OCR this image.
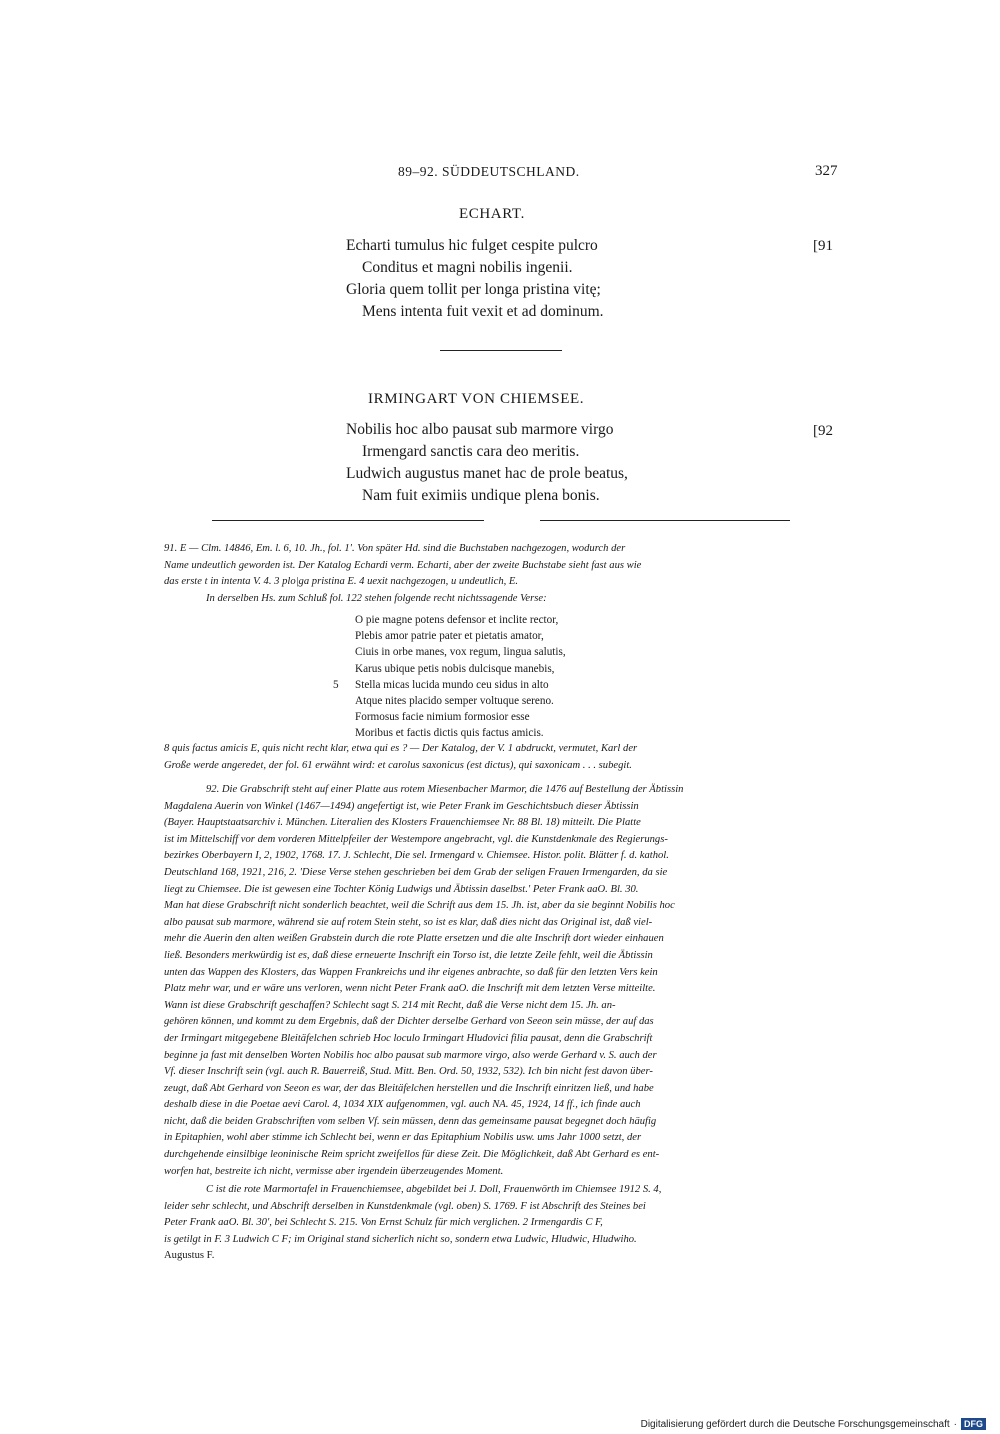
89–92. SÜDDEUTSCHLAND.	327
ECHART.
Echarti tumulus hic fulget cespite pulcro
Conditus et magni nobilis ingenii.
Gloria quem tollit per longa pristina vitę;
Mens intenta fuit vexit et ad dominum.
[91
IRMINGART VON CHIEMSEE.
Nobilis hoc albo pausat sub marmore virgo
Irmengard sanctis cara deo meritis.
Ludwich augustus manet hac de prole beatus,
Nam fuit eximiis undique plena bonis.
[92
91. E — Clm. 14846, Em. l. 6, 10. Jh., fol. 1'. Von später Hd. sind die Buchstaben nachgezogen, wodurch der
Name undeutlich geworden ist. Der Katalog Echardi verm. Echarti, aber der zweite Buchstabe sieht fast aus wie
das erste t in intenta V. 4. 3 plo|ga pristina E. 4 uexit nachgezogen, u undeutlich, E.
In derselben Hs. zum Schluß fol. 122 stehen folgende recht nichtssagende Verse:
O pie magne potens defensor et inclite rector,
Plebis amor patrie pater et pietatis amator,
Ciuis in orbe manes, vox regum, lingua salutis,
Karus ubique petis nobis dulcisque manebis,
Stella micas lucida mundo ceu sidus in alto
Atque nites placido semper voltuque sereno.
Formosus facie nimium formosior esse
Moribus et factis dictis quis factus amicis.
5
8 quis factus amicis E, quis nicht recht klar, etwa qui es ? — Der Katalog, der V. 1 abdruckt, vermutet, Karl der
Große werde angeredet, der fol. 61 erwähnt wird: et carolus saxonicus (est dictus), qui saxonicam . . . subegit.
92. Die Grabschrift steht auf einer Platte aus rotem Miesenbacher Marmor, die 1476 auf Bestellung der Äbtissin
Magdalena Auerin von Winkel (1467—1494) angefertigt ist, wie Peter Frank im Geschichtsbuch dieser Äbtissin
(Bayer. Hauptstaatsarchiv i. München. Literalien des Klosters Frauenchiemsee Nr. 88 Bl. 18) mitteilt. Die Platte
ist im Mittelschiff vor dem vorderen Mittelpfeiler der Westempore angebracht, vgl. die Kunstdenkmale des Regierungs-
bezirkes Oberbayern I, 2, 1902, 1768. 17. J. Schlecht, Die sel. Irmengard v. Chiemsee. Histor. polit. Blätter f. d. kathol.
Deutschland 168, 1921, 216, 2. 'Diese Verse stehen geschrieben bei dem Grab der seligen Frauen Irmengarden, da sie
liegt zu Chiemsee. Die ist gewesen eine Tochter König Ludwigs und Äbtissin daselbst.' Peter Frank aaO. Bl. 30.
Man hat diese Grabschrift nicht sonderlich beachtet, weil die Schrift aus dem 15. Jh. ist, aber da sie beginnt Nobilis hoc
albo pausat sub marmore, während sie auf rotem Stein steht, so ist es klar, daß dies nicht das Original ist, daß viel-
mehr die Auerin den alten weißen Grabstein durch die rote Platte ersetzen und die alte Inschrift dort wieder einhauen
ließ. Besonders merkwürdig ist es, daß diese erneuerte Inschrift ein Torso ist, die letzte Zeile fehlt, weil die Äbtissin
unten das Wappen des Klosters, das Wappen Frankreichs und ihr eigenes anbrachte, so daß für den letzten Vers kein
Platz mehr war, und er wäre uns verloren, wenn nicht Peter Frank aaO. die Inschrift mit dem letzten Verse mitteilte.
Wann ist diese Grabschrift geschaffen? Schlecht sagt S. 214 mit Recht, daß die Verse nicht dem 15. Jh. an-
gehören können, und kommt zu dem Ergebnis, daß der Dichter derselbe Gerhard von Seeon sein müsse, der auf das
der Irmingart mitgegebene Bleitäfelchen schrieb Hoc loculo Irmingart Hludovici filia pausat, denn die Grabschrift
beginne ja fast mit denselben Worten Nobilis hoc albo pausat sub marmore virgo, also werde Gerhard v. S. auch der
Vf. dieser Inschrift sein (vgl. auch R. Bauerreiß, Stud. Mitt. Ben. Ord. 50, 1932, 532). Ich bin nicht fest davon über-
zeugt, daß Abt Gerhard von Seeon es war, der das Bleitäfelchen herstellen und die Inschrift einritzen ließ, und habe
deshalb diese in die Poetae aevi Carol. 4, 1034 XIX aufgenommen, vgl. auch NA. 45, 1924, 14 ff., ich finde auch
nicht, daß die beiden Grabschriften vom selben Vf. sein müssen, denn das gemeinsame pausat begegnet doch häufig
in Epitaphien, wohl aber stimme ich Schlecht bei, wenn er das Epitaphium Nobilis usw. ums Jahr 1000 setzt, der
durchgehende einsilbige leoninische Reim spricht zweifellos für diese Zeit. Die Möglichkeit, daß Abt Gerhard es ent-
worfen hat, bestreite ich nicht, vermisse aber irgendein überzeugendes Moment.
C ist die rote Marmortafel in Frauenchiemsee, abgebildet bei J. Doll, Frauenwörth im Chiemsee 1912 S. 4,
leider sehr schlecht, und Abschrift derselben in Kunstdenkmale (vgl. oben) S. 1769. F ist Abschrift des Steines bei
Peter Frank aaO. Bl. 30', bei Schlecht S. 215. Von Ernst Schulz für mich verglichen. 2 Irmengardis C F,
is getilgt in F. 3 Ludwich C F; im Original stand sicherlich nicht so, sondern etwa Ludwic, Hludwic, Hludwiho.
Augustus F.
Digitalisierung gefördert durch die Deutsche Forschungsgemeinschaft · DFG
